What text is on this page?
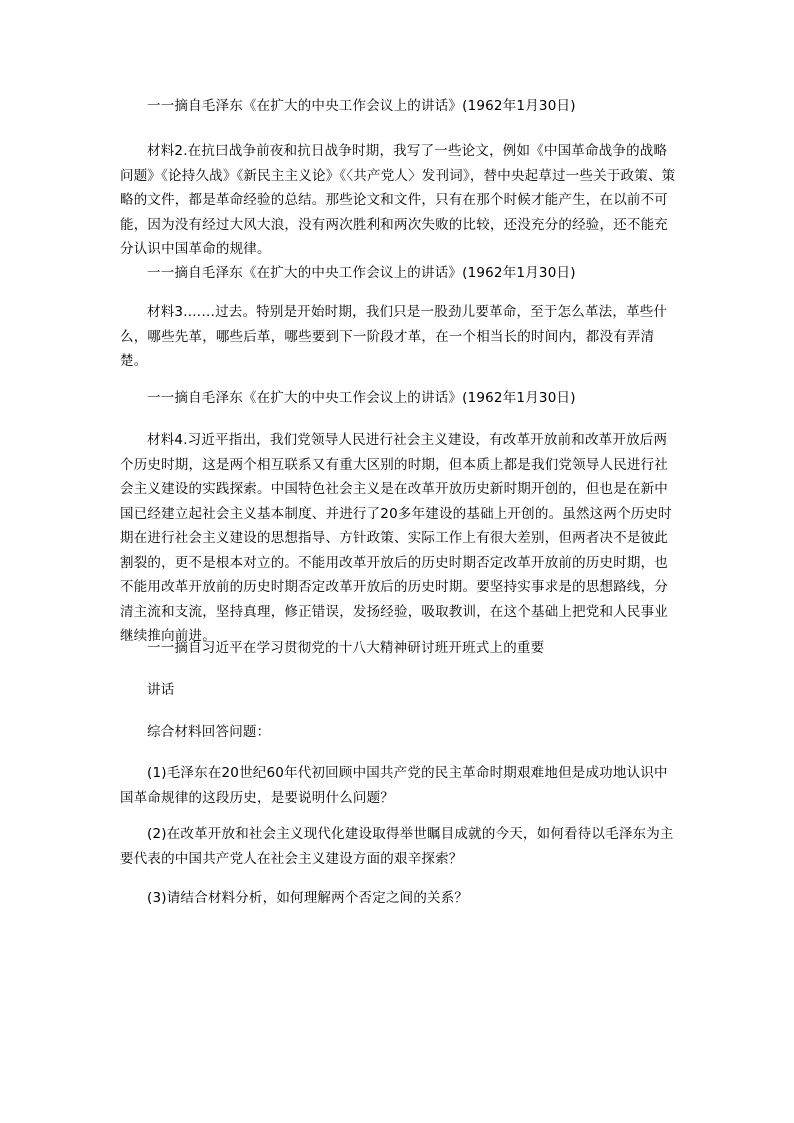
一一摘自毛泽东《在扩大的中央工作会议上的讲话》(1962年1月30日)
材料2.在抗曰战争前夜和抗日战争时期，我写了一些论文，例如《中国革命战争的战略问题》《论持久战》《新民主主义论》《〈共产党人〉发刊词》，替中央起草过一些关于政策、策略的文件，都是革命经验的总结。那些论文和文件，只有在那个时候才能产生，在以前不可能，因为没有经过大风大浪，没有两次胜利和两次失败的比较，还没充分的经验，还不能充分认识中国革命的规律。
一一摘自毛泽东《在扩大的中央工作会议上的讲话》(1962年1月30日)
材料3.……过去。特别是开始时期，我们只是一股劲儿要革命，至于怎么革法，革些什么，哪些先革，哪些后革，哪些要到下一阶段才革，在一个相当长的时间内，都没有弄清楚。
一一摘自毛泽东《在扩大的中央工作会议上的讲话》(1962年1月30日)
材料4.习近平指出，我们党领导人民进行社会主义建设，有改革开放前和改革开放后两个历史时期，这是两个相互联系又有重大区别的时期，但本质上都是我们党领导人民进行社会主义建设的实践探索。中国特色社会主义是在改革开放历史新时期开创的，但也是在新中国已经建立起社会主义基本制度、并进行了20多年建设的基础上开创的。虽然这两个历史时期在进行社会主义建设的思想指导、方针政策、实际工作上有很大差别，但两者决不是彼此割裂的，更不是根本对立的。不能用改革开放后的历史时期否定改革开放前的历史时期，也不能用改革开放前的历史时期否定改革开放后的历史时期。要坚持实事求是的思想路线，分清主流和支流，坚持真理，修正错误，发扬经验，吸取教训，在这个基础上把党和人民事业继续推向前进。
一一摘自习近平在学习贯彻党的十八大精神研讨班开班式上的重要
讲话
综合材料回答问题：
(1)毛泽东在20世纪60年代初回顾中国共产党的民主革命时期艰难地但是成功地认识中国革命规律的这段历史，是要说明什么问题？
(2)在改革开放和社会主义现代化建设取得举世瞩目成就的今天，如何看待以毛泽东为主要代表的中国共产党人在社会主义建设方面的艰辛探索？
(3)请结合材料分析，如何理解两个否定之间的关系？
